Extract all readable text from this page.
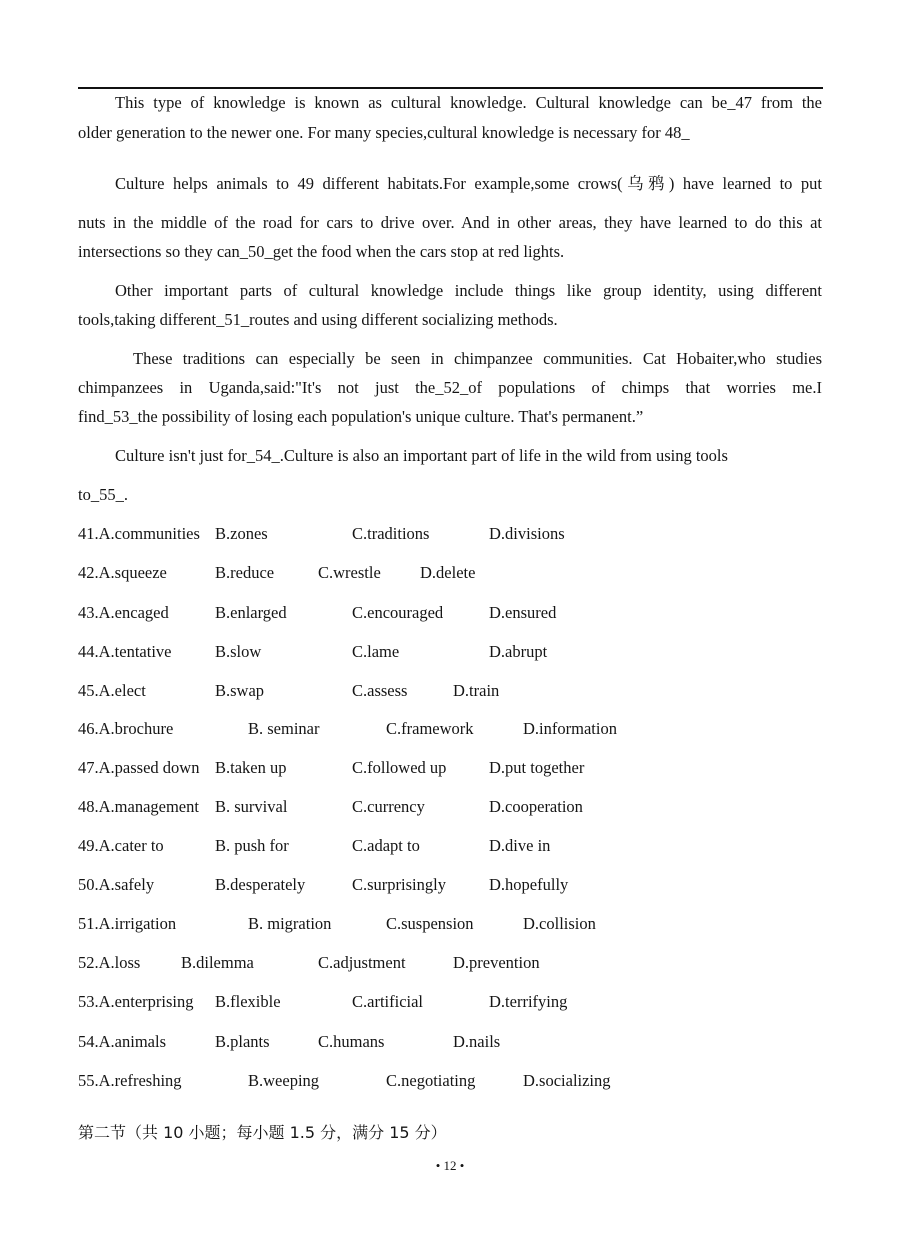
This type of knowledge is known as cultural knowledge. Cultural knowledge can be_47 from the
older generation to the newer one. For many species,cultural knowledge is necessary for 48_
Culture helps animals to 49 different habitats.For example,some crows(乌鸦) have learned to put
nuts in the middle of the road for cars to drive over. And in other areas, they have learned to do this at
intersections so they can_50_get the food when the cars stop at red lights.
Other important parts of cultural knowledge include things like group identity, using different
tools,taking different_51_routes and using different socializing methods.
These traditions can especially be seen in chimpanzee communities. Cat Hobaiter,who studies
chimpanzees in Uganda,said:"It's not just the_52_of populations of chimps that worries me.I
find_53_the possibility of losing each population's unique culture. That's permanent.”
Culture isn't just for_54_.Culture is also an important part of life in the wild from using tools
to_55_.
41.A.communities B.zones	C.traditions	D.divisions
42.A.squeeze	B.reduce	C.wrestle D.delete
43.A.encaged	B.enlarged	C.encouraged	D.ensured
44.A.tentative	B.slow	C.lame	D.abrupt
45.A.elect	B.swap	C.assess	D.train
46.A.brochure	B. seminar	C.framework	D.information
47.A.passed down B.taken up	C.followed up	D.put together
48.A.management B. survival	C.currency	D.cooperation
49.A.cater to	B. push for	C.adapt to	D.dive in
50.A.safely	B.desperately	C.surprisingly	D.hopefully
51.A.irrigation	B. migration	C.suspension	D.collision
52.A.loss B.dilemma	C.adjustment	D.prevention
53.A.enterprising B.flexible	C.artificial	D.terrifying
54.A.animals	B.plants	C.humans	D.nails
55.A.refreshing	B.weeping	C.negotiating	D.socializing
第二节（共 10 小题；每小题 1.5 分，满分 15 分）
• 12 •
